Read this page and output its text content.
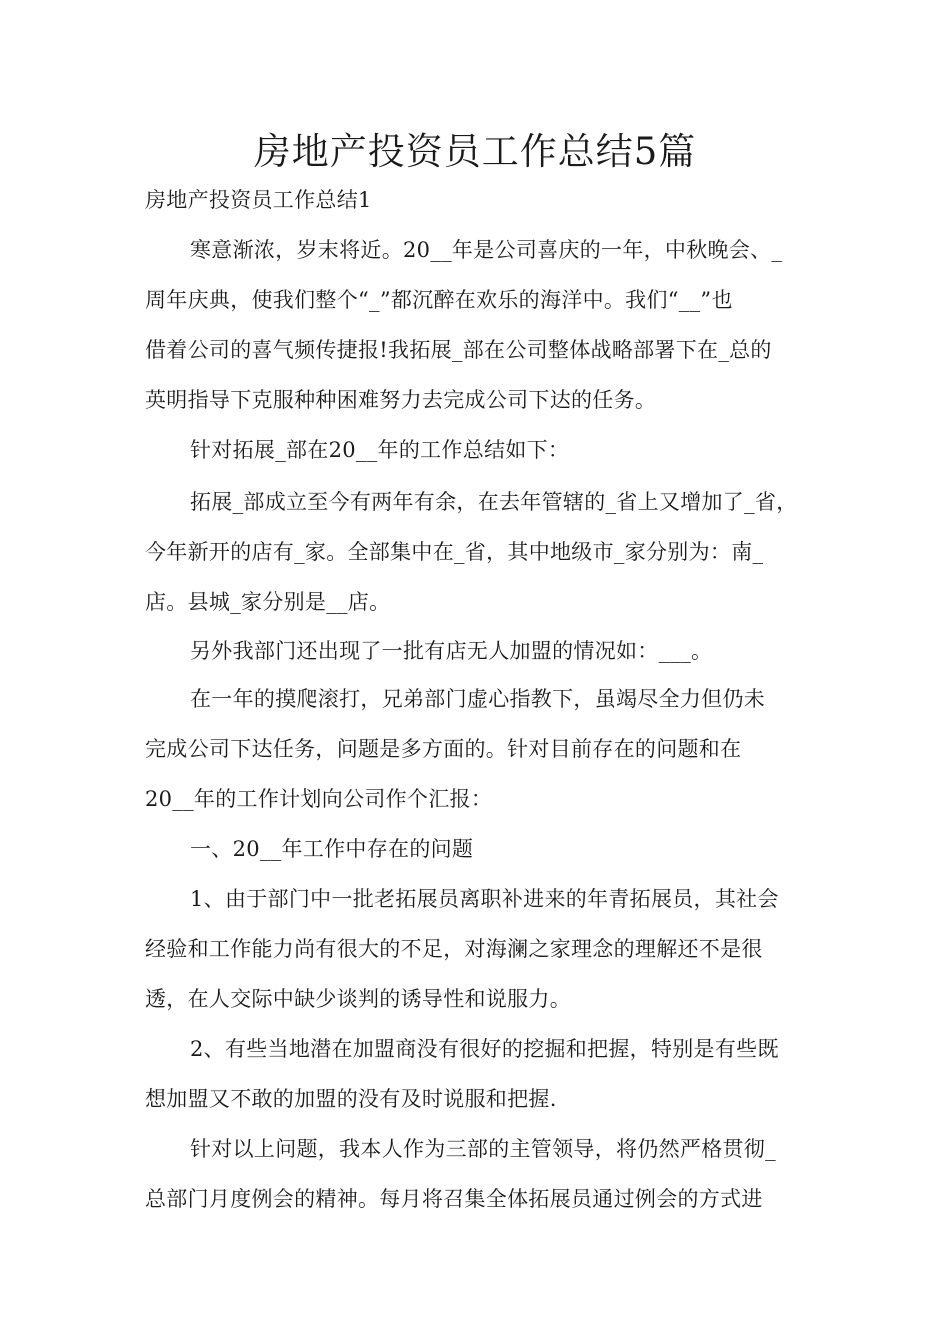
房地产投资员工作总结5篇
房地产投资员工作总结1
寒意渐浓，岁末将近。20__年是公司喜庆的一年，中秋晚会、_
周年庆典，使我们整个“_”都沉醉在欢乐的海洋中。我们“__”也
借着公司的喜气频传捷报!我拓展_部在公司整体战略部署下在_总的
英明指导下克服种种困难努力去完成公司下达的任务。
针对拓展_部在20__年的工作总结如下：
拓展_部成立至今有两年有余，在去年管辖的_省上又增加了_省，
今年新开的店有_家。全部集中在_省，其中地级市_家分别为：南_
店。县城_家分别是__店。
另外我部门还出现了一批有店无人加盟的情况如：___。
在一年的摸爬滚打，兄弟部门虚心指教下，虽竭尽全力但仍未
完成公司下达任务，问题是多方面的。针对目前存在的问题和在
20__年的工作计划向公司作个汇报：
一、20__年工作中存在的问题
1、由于部门中一批老拓展员离职补进来的年青拓展员，其社会
经验和工作能力尚有很大的不足，对海澜之家理念的理解还不是很
透，在人交际中缺少谈判的诱导性和说服力。
2、有些当地潜在加盟商没有很好的挖掘和把握，特别是有些既
想加盟又不敢的加盟的没有及时说服和把握.
针对以上问题，我本人作为三部的主管领导，将仍然严格贯彻_
总部门月度例会的精神。每月将召集全体拓展员通过例会的方式进
